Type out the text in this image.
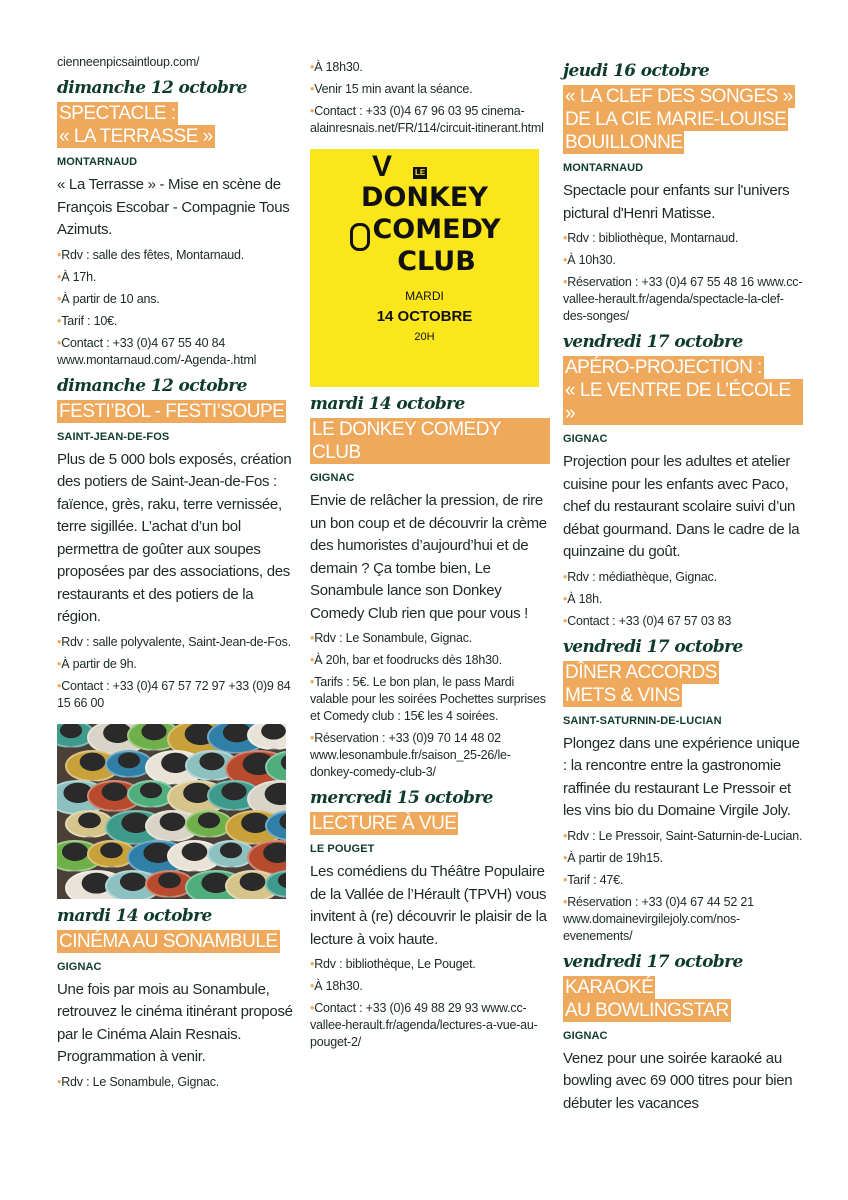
cienneenpicsaintloup.com/
dimanche 12 octobre
SPECTACLE :
« LA TERRASSE »
MONTARNAUD
« La Terrasse » - Mise en scène de François Escobar - Compagnie Tous Azimuts.
•Rdv : salle des fêtes, Montarnaud.
•À 17h.
•À partir de 10 ans.
•Tarif : 10€.
•Contact : +33 (0)4 67 55 40 84 www.montarnaud.com/-Agenda-.html
dimanche 12 octobre
FESTI’BOL - FESTI’SOUPE
SAINT-JEAN-DE-FOS
Plus de 5 000 bols exposés, création des potiers de Saint-Jean-de-Fos : faïence, grès, raku, terre vernissée, terre sigillée. L’achat d’un bol permettra de goûter aux soupes proposées par des associations, des restaurants et des potiers de la région.
•Rdv : salle polyvalente, Saint-Jean-de-Fos.
•À partir de 9h.
•Contact : +33 (0)4 67 57 72 97 +33 (0)9 84 15 66 00
mardi 14 octobre
CINÉMA AU SONAMBULE
GIGNAC
Une fois par mois au Sonambule, retrouvez le cinéma itinérant proposé par le Cinéma Alain Resnais. Programmation à venir.
•Rdv : Le Sonambule, Gignac.
•À 18h30.
•Venir 15 min avant la séance.
•Contact : +33 (0)4 67 96 03 95 cinema-alainresnais.net/FR/114/circuit-itinerant.html
V	LE
DONKEY
COMEDY
CLUB
MARDI
14 OCTOBRE
20H
mardi 14 octobre
LE DONKEY COMEDY CLUB
GIGNAC
Envie de relâcher la pression, de rire un bon coup et de découvrir la crème des humoristes d’aujourd’hui et de demain ? Ça tombe bien, Le Sonambule lance son Donkey Comedy Club rien que pour vous !
•Rdv : Le Sonambule, Gignac.
•À 20h, bar et foodrucks dès 18h30.
•Tarifs : 5€. Le bon plan, le pass Mardi valable pour les soirées Pochettes surprises et Comedy club : 15€ les 4 soirées.
•Réservation : +33 (0)9 70 14 48 02 www.lesonambule.fr/saison_25-26/le-donkey-comedy-club-3/
mercredi 15 octobre
LECTURE À VUE
LE POUGET
Les comédiens du Théâtre Populaire de la Vallée de l’Hérault (TPVH) vous invitent à (re) découvrir le plaisir de la lecture à voix haute.
•Rdv : bibliothèque, Le Pouget.
•À 18h30.
•Contact : +33 (0)6 49 88 29 93 www.cc-vallee-herault.fr/agenda/lectures-a-vue-au-pouget-2/
jeudi 16 octobre
« LA CLEF DES SONGES »
DE LA CIE MARIE-LOUISE
BOUILLONNE
MONTARNAUD
Spectacle pour enfants sur l'univers pictural d'Henri Matisse.
•Rdv : bibliothèque, Montarnaud.
•À 10h30.
•Réservation : +33 (0)4 67 55 48 16 www.cc-vallee-herault.fr/agenda/spectacle-la-clef-des-songes/
vendredi 17 octobre
APÉRO-PROJECTION :
« LE VENTRE DE L’ÉCOLE »
GIGNAC
Projection pour les adultes et atelier cuisine pour les enfants avec Paco, chef du restaurant scolaire suivi d’un débat gourmand. Dans le cadre de la quinzaine du goût.
•Rdv : médiathèque, Gignac.
•À 18h.
•Contact : +33 (0)4 67 57 03 83
vendredi 17 octobre
DÎNER ACCORDS
METS & VINS
SAINT-SATURNIN-DE-LUCIAN
Plongez dans une expérience unique : la rencontre entre la gastronomie raffinée du restaurant Le Pressoir et les vins bio du Domaine Virgile Joly.
•Rdv : Le Pressoir, Saint-Saturnin-de-Lucian.
•À partir de 19h15.
•Tarif : 47€.
•Réservation : +33 (0)4 67 44 52 21 www.domainevirgilejoly.com/nos-evenements/
vendredi 17 octobre
KARAOKÉ
AU BOWLINGSTAR
GIGNAC
Venez pour une soirée karaoké au bowling avec 69 000 titres pour bien débuter les vacances
